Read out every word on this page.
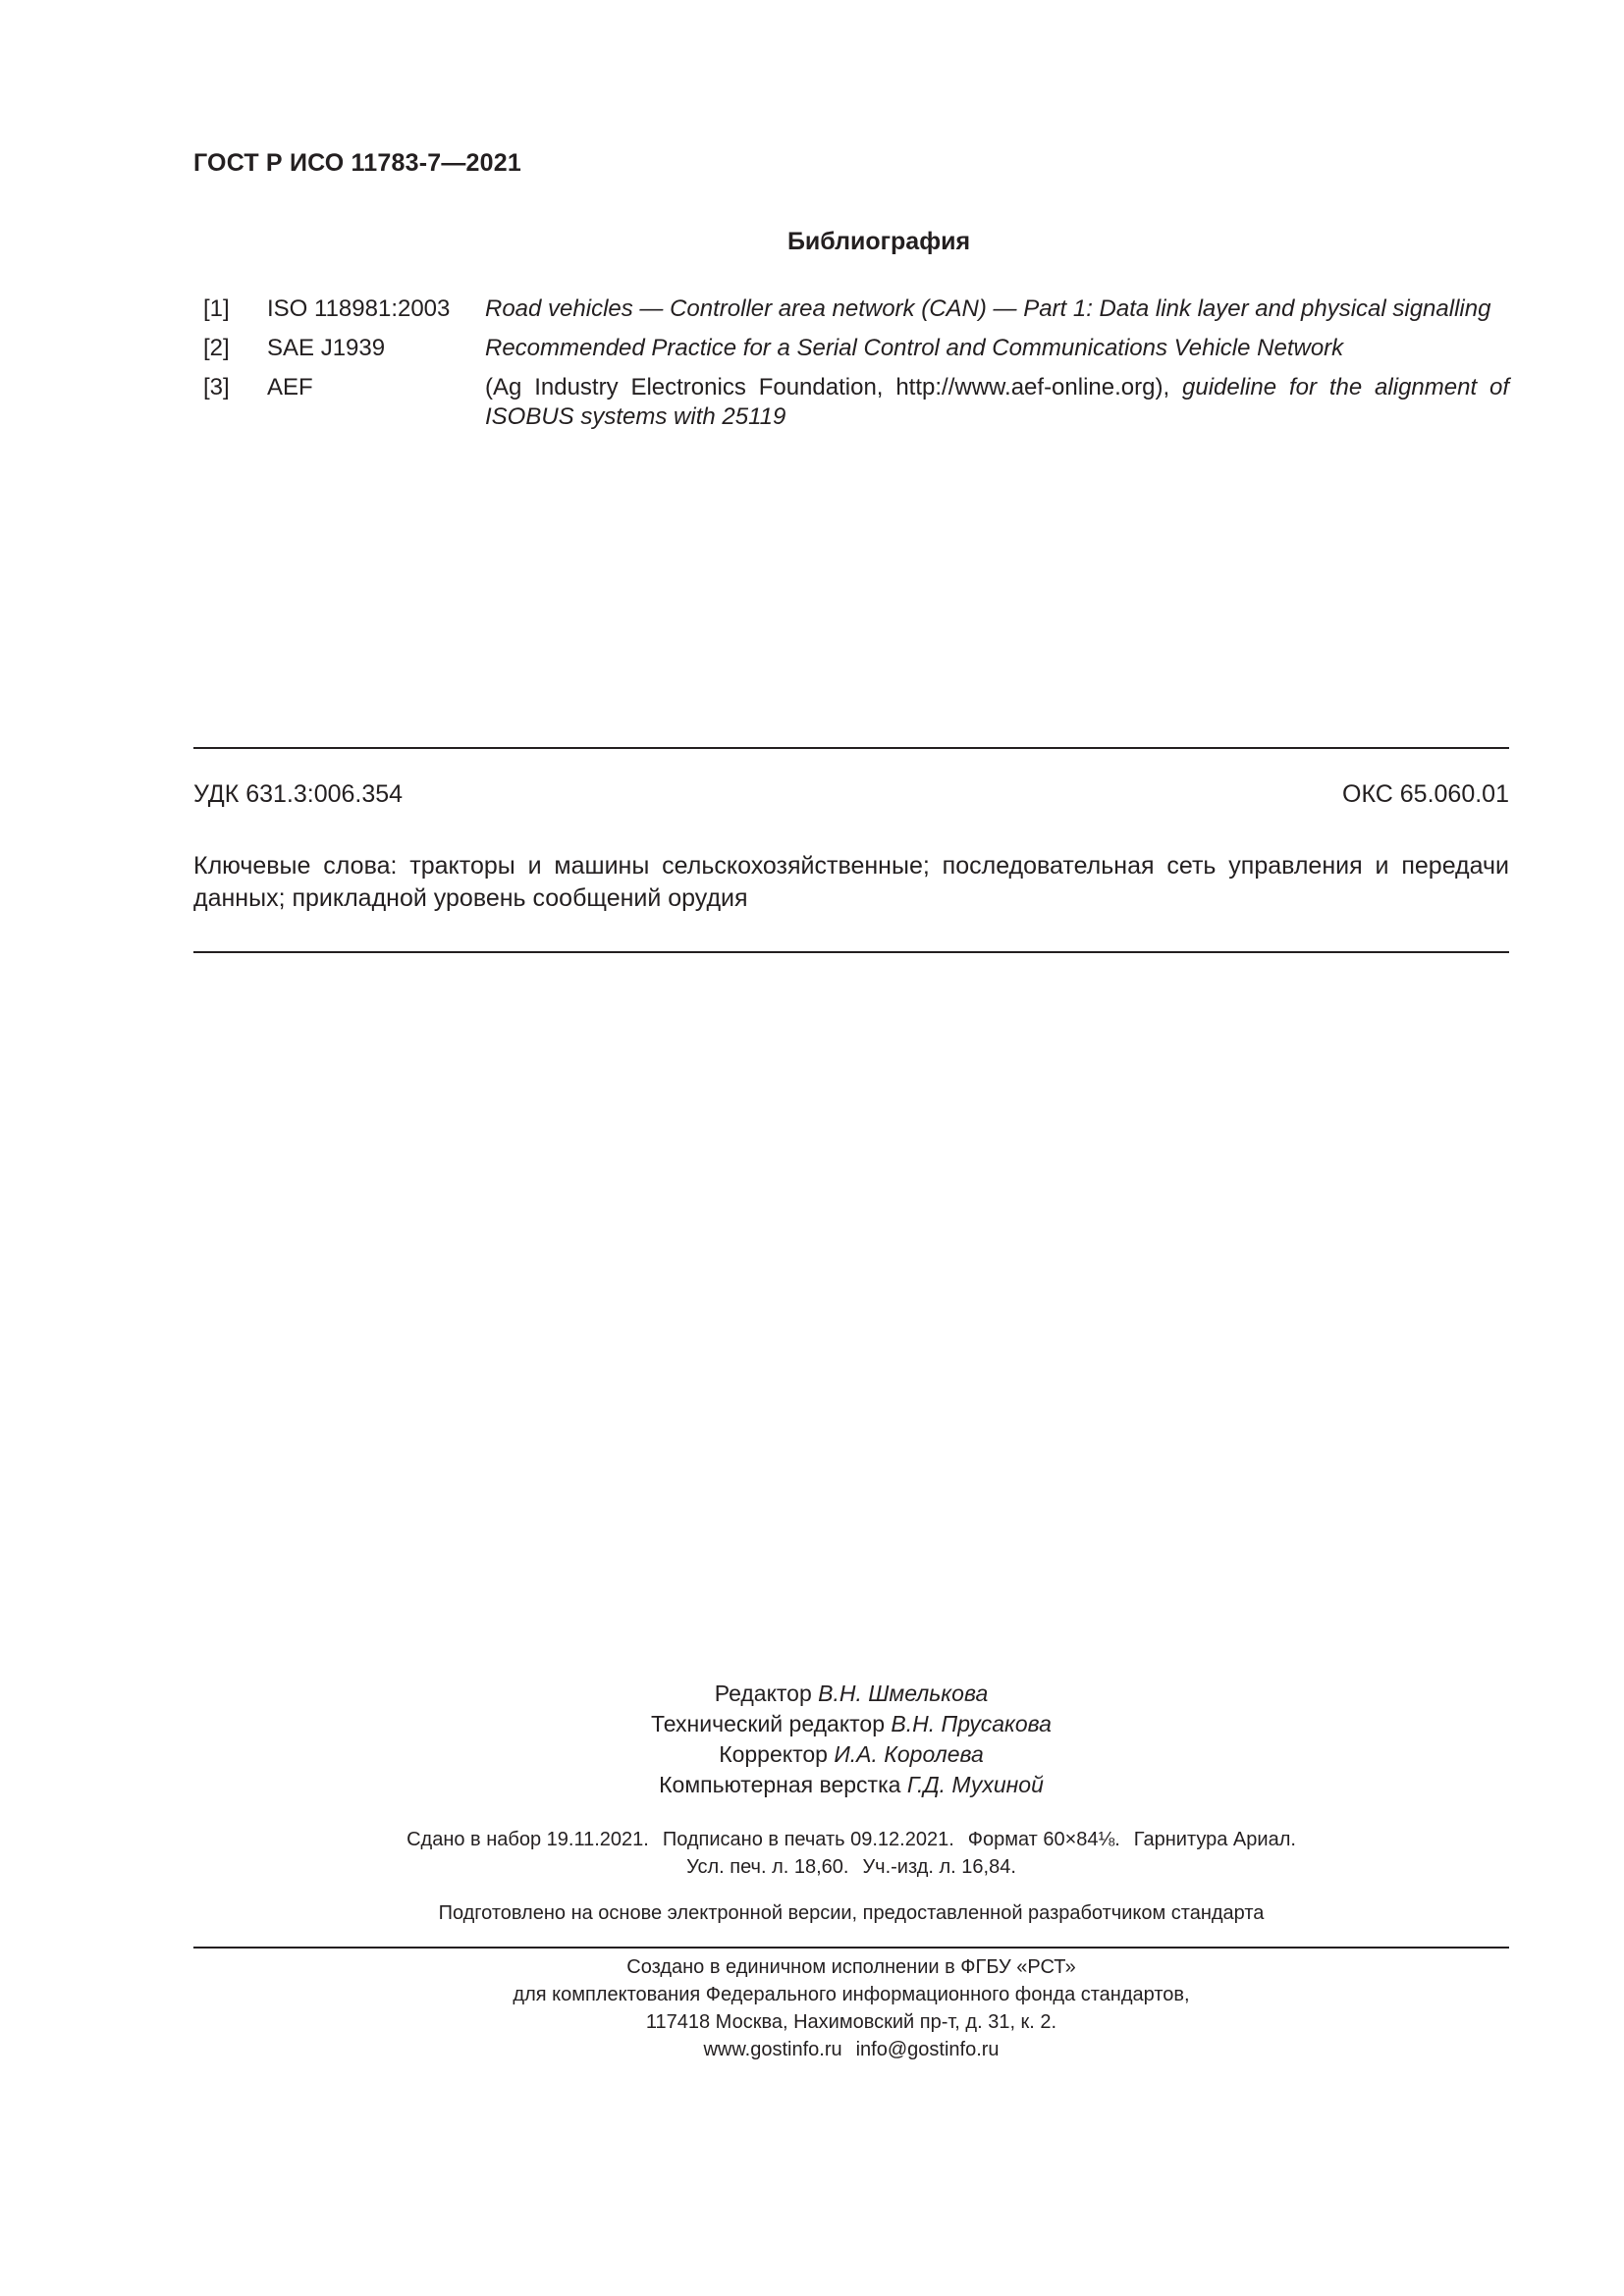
ГОСТ Р ИСО 11783-7—2021
Библиография
[1] ISO 118981:2003 Road vehicles — Controller area network (CAN) — Part 1: Data link layer and physical signalling
[2] SAE J1939	Recommended Practice for a Serial Control and Communications Vehicle Network
[3] AEF	(Ag Industry Electronics Foundation, http://www.aef-online.org), guideline for the alignment of ISOBUS systems with 25119
УДК 631.3:006.354	ОКС 65.060.01
Ключевые слова: тракторы и машины сельскохозяйственные; последовательная сеть управления и передачи данных; прикладной уровень сообщений орудия
Редактор В.Н. Шмелькова
Технический редактор В.Н. Прусакова
Корректор И.А. Королева
Компьютерная верстка Г.Д. Мухиной
Сдано в набор 19.11.2021. Подписано в печать 09.12.2021. Формат 60×84⅛. Гарнитура Ариал.
Усл. печ. л. 18,60. Уч.-изд. л. 16,84.
Подготовлено на основе электронной версии, предоставленной разработчиком стандарта
Создано в единичном исполнении в ФГБУ «РСТ»
для комплектования Федерального информационного фонда стандартов,
117418 Москва, Нахимовский пр-т, д. 31, к. 2.
www.gostinfo.ru info@gostinfo.ru
